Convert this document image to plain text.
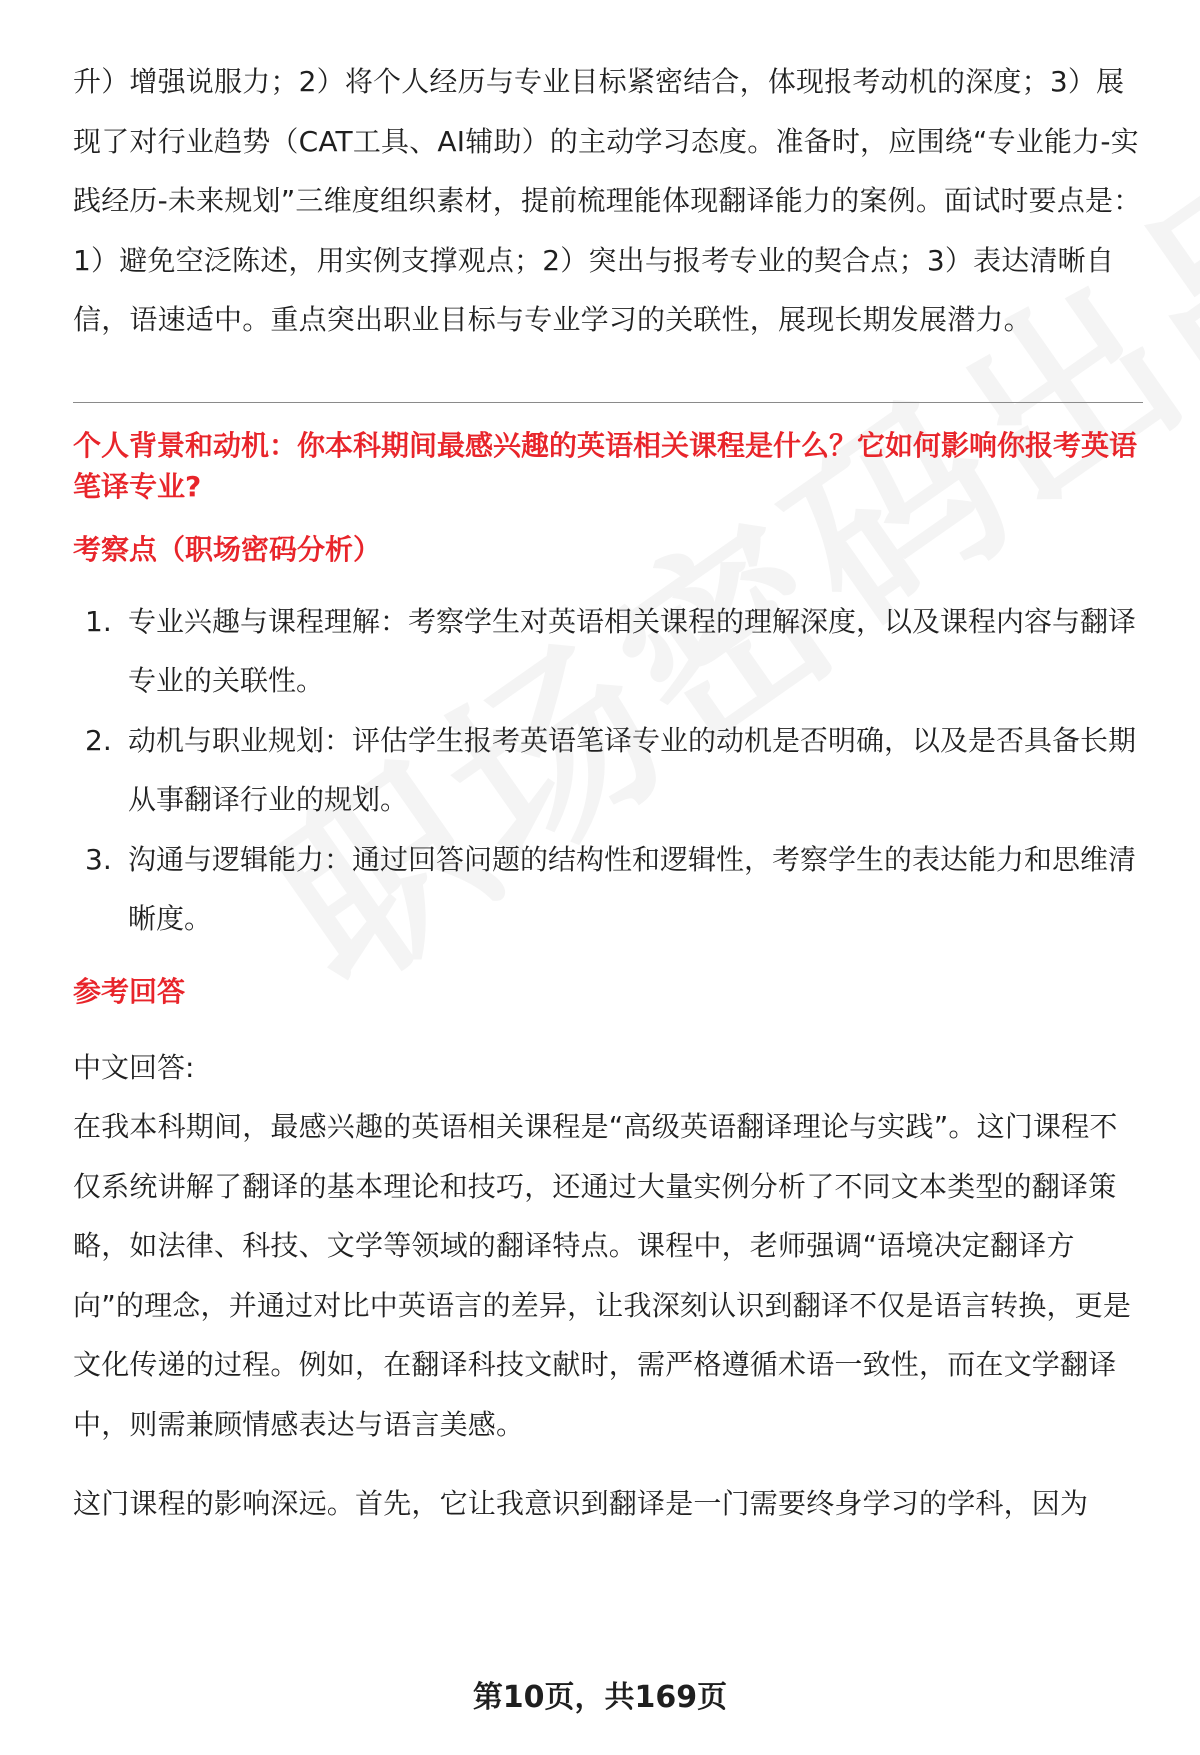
升）增强说服力；2）将个人经历与专业目标紧密结合，体现报考动机的深度；3）展现了对行业趋势（CAT工具、AI辅助）的主动学习态度。准备时，应围绕“专业能力-实践经历-未来规划”三维度组织素材，提前梳理能体现翻译能力的案例。面试时要点是：1）避免空泛陈述，用实例支撑观点；2）突出与报考专业的契合点；3）表达清晰自信，语速适中。重点突出职业目标与专业学习的关联性，展现长期发展潜力。

个人背景和动机：你本科期间最感兴趣的英语相关课程是什么？它如何影响你报考英语笔译专业?

考察点（职场密码分析）

1. 专业兴趣与课程理解：考察学生对英语相关课程的理解深度，以及课程内容与翻译专业的关联性。
2. 动机与职业规划：评估学生报考英语笔译专业的动机是否明确，以及是否具备长期从事翻译行业的规划。
3. 沟通与逻辑能力：通过回答问题的结构性和逻辑性，考察学生的表达能力和思维清晰度。

参考回答

中文回答:

在我本科期间，最感兴趣的英语相关课程是“高级英语翻译理论与实践”。这门课程不仅系统讲解了翻译的基本理论和技巧，还通过大量实例分析了不同文本类型的翻译策略，如法律、科技、文学等领域的翻译特点。课程中，老师强调“语境决定翻译方向”的理念，并通过对比中英语言的差异，让我深刻认识到翻译不仅是语言转换，更是文化传递的过程。例如，在翻译科技文献时，需严格遵循术语一致性，而在文学翻译中，则需兼顾情感表达与语言美感。

这门课程的影响深远。首先，它让我意识到翻译是一门需要终身学习的学科，因为

第10页，共169页
